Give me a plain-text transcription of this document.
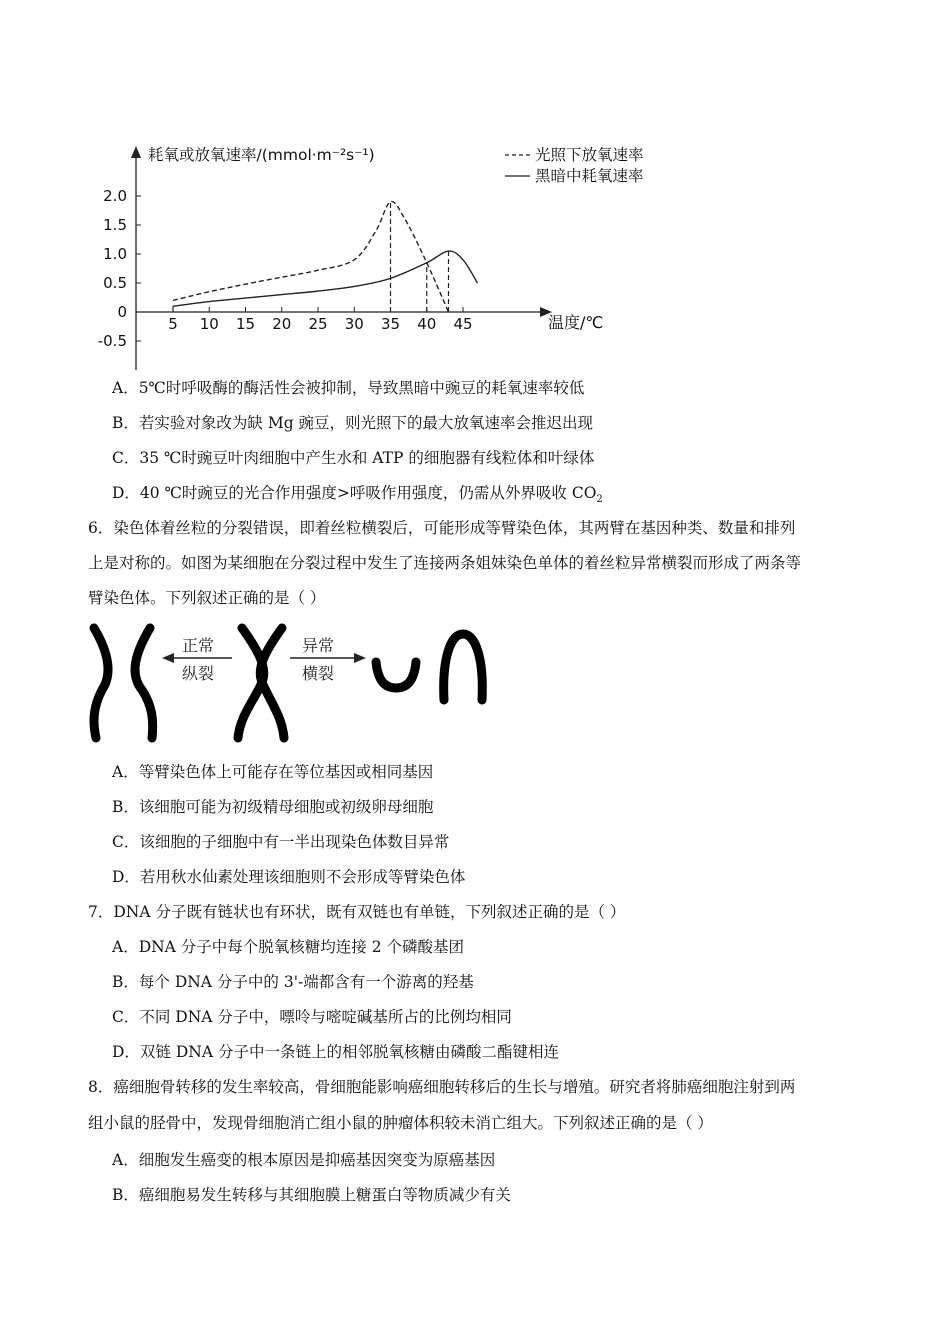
2.0
1.5
1.0
0.5
0
-0.5
5 10 15 20 25 30 35 40 45
耗氧或放氧速率/(mmol·m⁻²s⁻¹)
温度/℃
光照下放氧速率
黑暗中耗氧速率
A．5℃时呼吸酶的酶活性会被抑制，导致黑暗中豌豆的耗氧速率较低
B．若实验对象改为缺 Mg 豌豆，则光照下的最大放氧速率会推迟出现
C．35 ℃时豌豆叶肉细胞中产生水和 ATP 的细胞器有线粒体和叶绿体
D．40 ℃时豌豆的光合作用强度>呼吸作用强度，仍需从外界吸收 $CO_2$
6．染色体着丝粒的分裂错误，即着丝粒横裂后，可能形成等臂染色体，其两臂在基因种类、数量和排列
上是对称的。如图为某细胞在分裂过程中发生了连接两条姐妹染色单体的着丝粒异常横裂而形成了两条等
臂染色体。下列叙述正确的是（ ）
正常
纵裂
异常
横裂
A．等臂染色体上可能存在等位基因或相同基因
B．该细胞可能为初级精母细胞或初级卵母细胞
C．该细胞的子细胞中有一半出现染色体数目异常
D．若用秋水仙素处理该细胞则不会形成等臂染色体
7．DNA 分子既有链状也有环状，既有双链也有单链，下列叙述正确的是（ ）
A．DNA 分子中每个脱氧核糖均连接 2 个磷酸基团
B．每个 DNA 分子中的 3'-端都含有一个游离的羟基
C．不同 DNA 分子中，嘌呤与嘧啶碱基所占的比例均相同
D．双链 DNA 分子中一条链上的相邻脱氧核糖由磷酸二酯键相连
8．癌细胞骨转移的发生率较高，骨细胞能影响癌细胞转移后的生长与增殖。研究者将肺癌细胞注射到两
组小鼠的胫骨中，发现骨细胞消亡组小鼠的肿瘤体积较未消亡组大。下列叙述正确的是（ ）
A．细胞发生癌变的根本原因是抑癌基因突变为原癌基因
B．癌细胞易发生转移与其细胞膜上糖蛋白等物质减少有关
